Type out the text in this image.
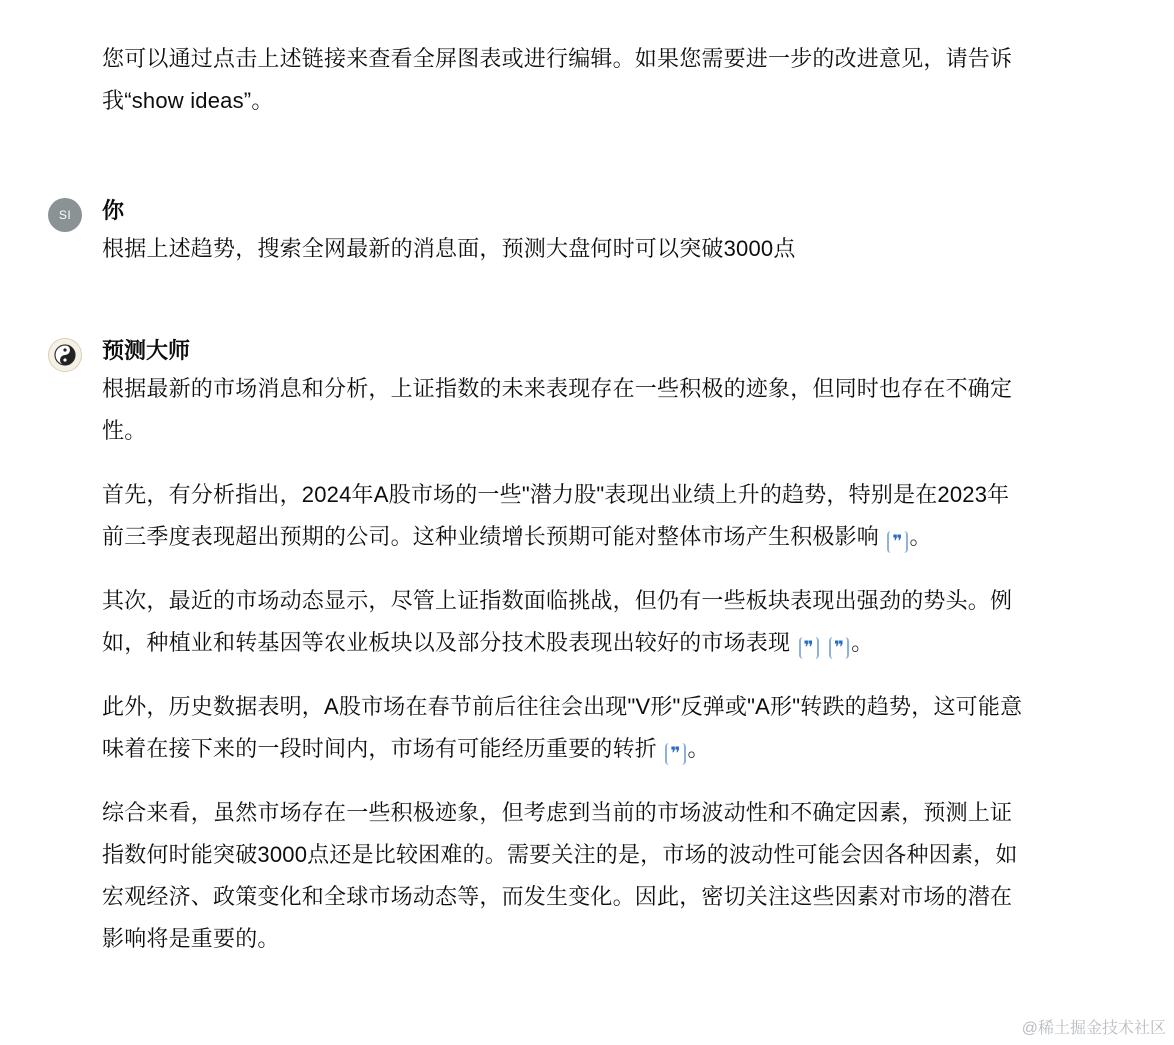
您可以通过点击上述链接来查看全屏图表或进行编辑。如果您需要进一步的改进意见，请告诉我“show ideas”。
SI	你
根据上述趋势，搜索全网最新的消息面，预测大盘何时可以突破3000点
预测大师

根据最新的市场消息和分析，上证指数的未来表现存在一些积极的迹象，但同时也存在不确定性。

首先，有分析指出，2024年A股市场的一些"潜力股"表现出业绩上升的趋势，特别是在2023年前三季度表现超出预期的公司。这种业绩增长预期可能对整体市场产生积极影响 ❞ 。

其次，最近的市场动态显示，尽管上证指数面临挑战，但仍有一些板块表现出强劲的势头。例如，种植业和转基因等农业板块以及部分技术股表现出较好的市场表现 ❞ ❞ 。

此外，历史数据表明，A股市场在春节前后往往会出现"V形"反弹或"A形"转跌的趋势，这可能意味着在接下来的一段时间内，市场有可能经历重要的转折 ❞ 。

综合来看，虽然市场存在一些积极迹象，但考虑到当前的市场波动性和不确定因素，预测上证指数何时能突破3000点还是比较困难的。需要关注的是，市场的波动性可能会因各种因素，如宏观经济、政策变化和全球市场动态等，而发生变化。因此，密切关注这些因素对市场的潜在影响将是重要的。

@稀土掘金技术社区
